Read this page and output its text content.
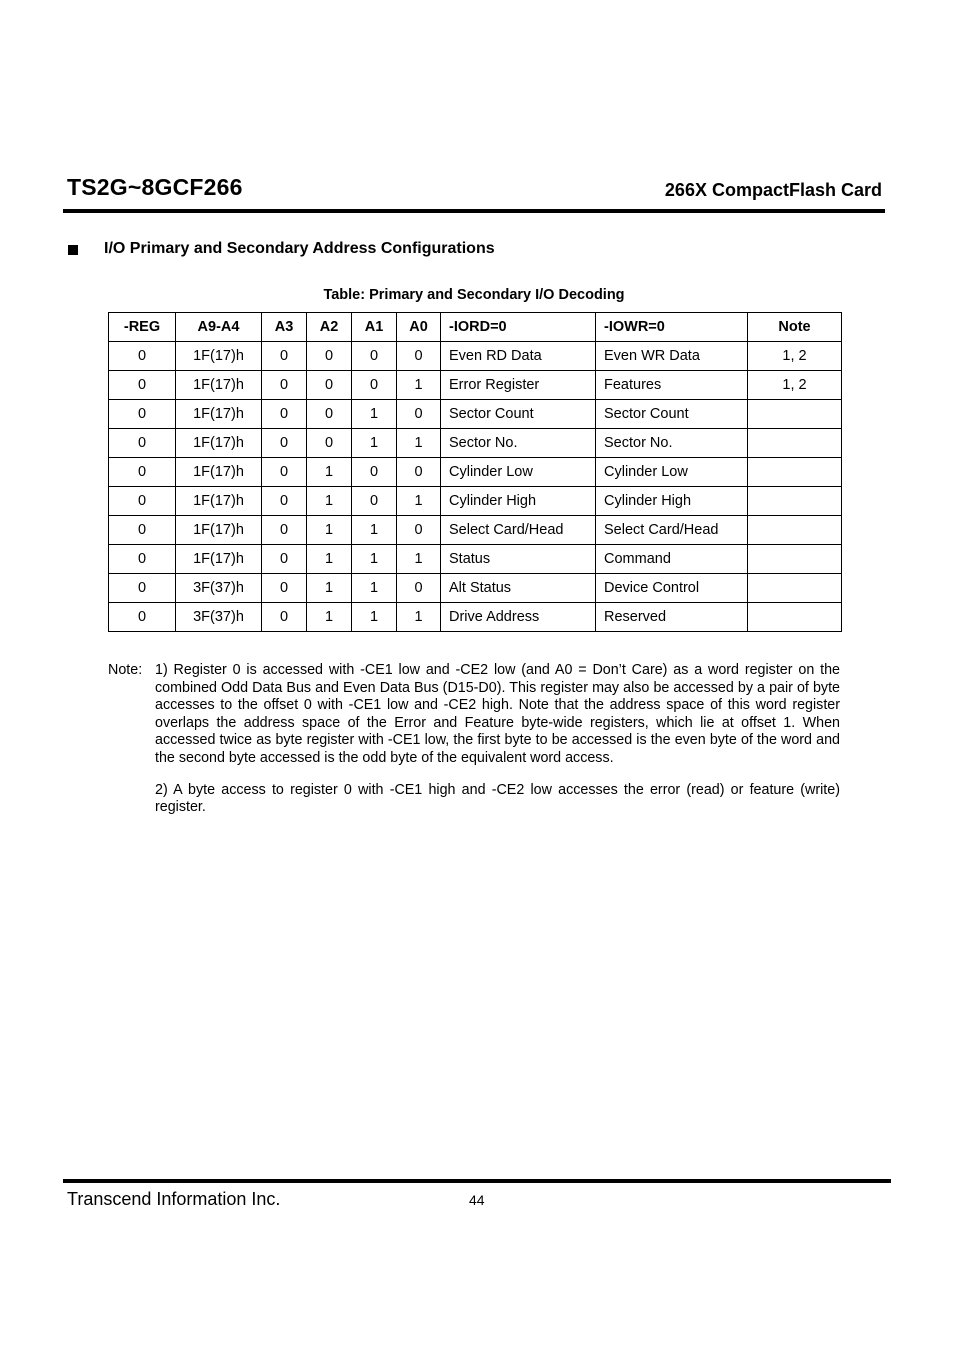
TS2G~8GCF266	266X CompactFlash Card
I/O Primary and Secondary Address Configurations
Table: Primary and Secondary I/O Decoding
-REG	A9-A4	A3	A2	A1	A0	-IORD=0	-IOWR=0	Note
0	1F(17)h	0	0	0	0	Even RD Data	Even WR Data	1, 2
0	1F(17)h	0	0	0	1	Error Register	Features	1, 2
0	1F(17)h	0	0	1	0	Sector Count	Sector Count	
0	1F(17)h	0	0	1	1	Sector No.	Sector No.	
0	1F(17)h	0	1	0	0	Cylinder Low	Cylinder Low	
0	1F(17)h	0	1	0	1	Cylinder High	Cylinder High	
0	1F(17)h	0	1	1	0	Select Card/Head	Select Card/Head	
0	1F(17)h	0	1	1	1	Status	Command	
0	3F(37)h	0	1	1	0	Alt Status	Device Control	
0	3F(37)h	0	1	1	1	Drive Address	Reserved	
Note: 1) Register 0 is accessed with -CE1 low and -CE2 low (and A0 = Don’t Care) as a word register on the combined Odd Data Bus and Even Data Bus (D15-D0). This register may also be accessed by a pair of byte accesses to the offset 0 with -CE1 low and -CE2 high. Note that the address space of this word register overlaps the address space of the Error and Feature byte-wide registers, which lie at offset 1. When accessed twice as byte register with -CE1 low, the first byte to be accessed is the even byte of the word and the second byte accessed is the odd byte of the equivalent word access.
2) A byte access to register 0 with -CE1 high and -CE2 low accesses the error (read) or feature (write) register.
Transcend Information Inc.	44
